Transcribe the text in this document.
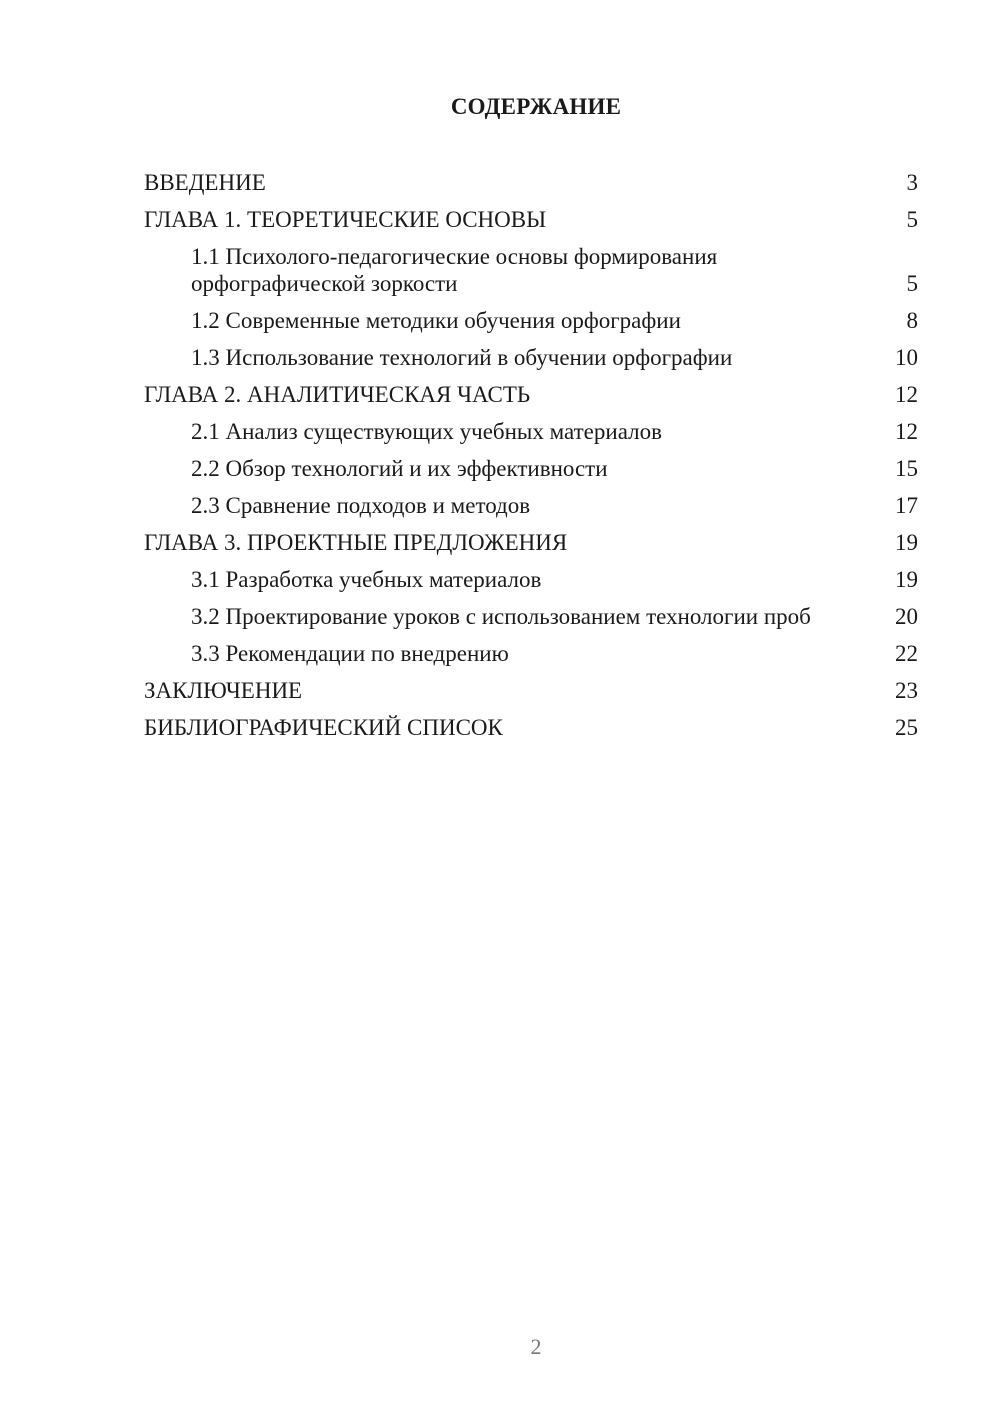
СОДЕРЖАНИЕ
ВВЕДЕНИЕ	3
ГЛАВА 1. ТЕОРЕТИЧЕСКИЕ ОСНОВЫ	5
1.1 Психолого-педагогические основы формирования орфографической зоркости	5
1.2 Современные методики обучения орфографии	8
1.3 Использование технологий в обучении орфографии	10
ГЛАВА 2. АНАЛИТИЧЕСКАЯ ЧАСТЬ	12
2.1 Анализ существующих учебных материалов	12
2.2 Обзор технологий и их эффективности	15
2.3 Сравнение подходов и методов	17
ГЛАВА 3. ПРОЕКТНЫЕ ПРЕДЛОЖЕНИЯ	19
3.1 Разработка учебных материалов	19
3.2 Проектирование уроков с использованием технологии проб	20
3.3 Рекомендации по внедрению	22
ЗАКЛЮЧЕНИЕ	23
БИБЛИОГРАФИЧЕСКИЙ СПИСОК	25
2
